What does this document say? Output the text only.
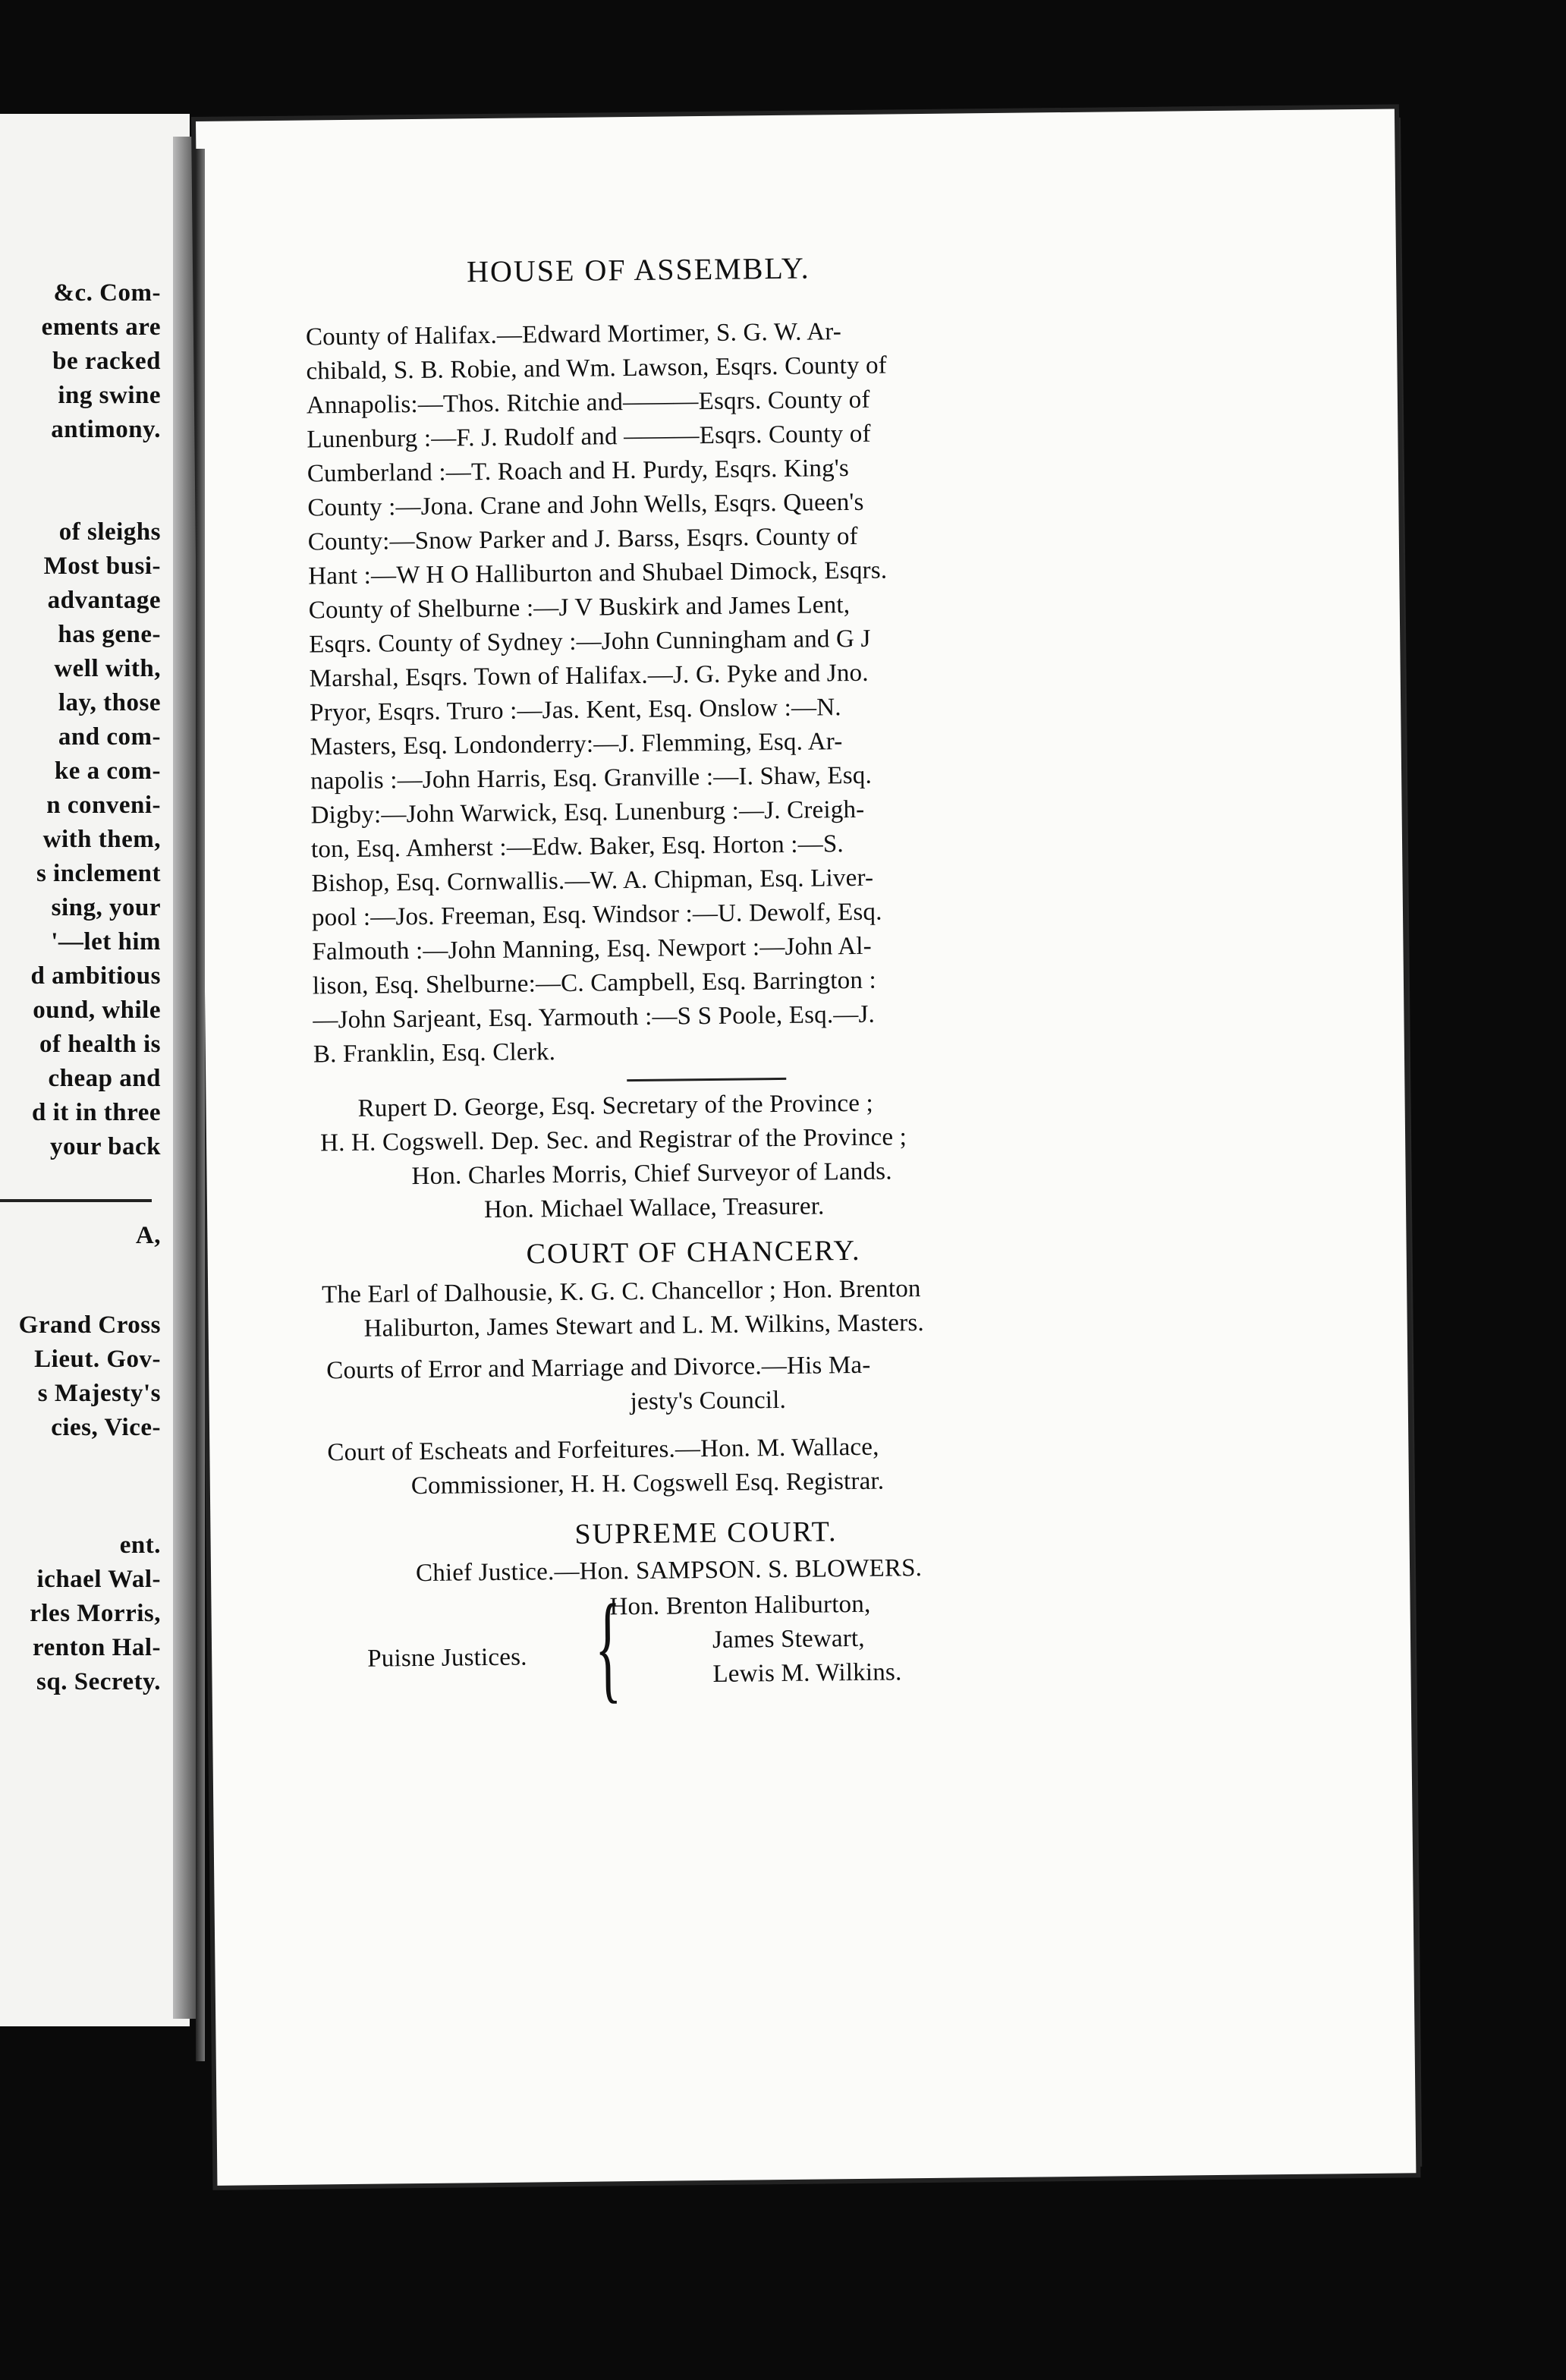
&c. Com-
ements are
be racked
ing swine
antimony.
of sleighs
Most busi-
advantage
has gene-
well with,
lay, those
and com-
ke a com-
n conveni-
with them,
s inclement
sing, your
'—let him
d ambitious
ound, while
of health is
cheap and
d it in three
your back
A,
Grand Cross
Lieut. Gov-
s Majesty's
cies, Vice-
ent.
ichael Wal-
rles Morris,
renton Hal-
sq. Secrety.
HOUSE OF ASSEMBLY.
County of Halifax.—Edward Mortimer, S. G. W. Ar-
chibald, S. B. Robie, and Wm. Lawson, Esqrs. County of
Annapolis:—Thos. Ritchie and———Esqrs. County of
Lunenburg :—F. J. Rudolf and ———Esqrs. County of
Cumberland :—T. Roach and H. Purdy, Esqrs. King's
County :—Jona. Crane and John Wells, Esqrs. Queen's
County:—Snow Parker and J. Barss, Esqrs. County of
Hant :—W H O Halliburton and Shubael Dimock, Esqrs.
County of Shelburne :—J V Buskirk and James Lent,
Esqrs. County of Sydney :—John Cunningham and G J
Marshal, Esqrs. Town of Halifax.—J. G. Pyke and Jno.
Pryor, Esqrs. Truro :—Jas. Kent, Esq. Onslow :—N.
Masters, Esq. Londonderry:—J. Flemming, Esq. Ar-
napolis :—John Harris, Esq. Granville :—I. Shaw, Esq.
Digby:—John Warwick, Esq. Lunenburg :—J. Creigh-
ton, Esq. Amherst :—Edw. Baker, Esq. Horton :—S.
Bishop, Esq. Cornwallis.—W. A. Chipman, Esq. Liver-
pool :—Jos. Freeman, Esq. Windsor :—U. Dewolf, Esq.
Falmouth :—John Manning, Esq. Newport :—John Al-
lison, Esq. Shelburne:—C. Campbell, Esq. Barrington :
—John Sarjeant, Esq. Yarmouth :—S S Poole, Esq.—J.
B. Franklin, Esq. Clerk.
Rupert D. George, Esq. Secretary of the Province ;
H. H. Cogswell. Dep. Sec. and Registrar of the Province ;
Hon. Charles Morris, Chief Surveyor of Lands.
Hon. Michael Wallace, Treasurer.
COURT OF CHANCERY.
The Earl of Dalhousie, K. G. C. Chancellor ; Hon. Brenton
Haliburton, James Stewart and L. M. Wilkins, Masters.
Courts of Error and Marriage and Divorce.—His Ma-
jesty's Council.
Court of Escheats and Forfeitures.—Hon. M. Wallace,
Commissioner, H. H. Cogswell Esq. Registrar.
SUPREME COURT.
Chief Justice.—Hon. SAMPSON. S. BLOWERS.
Puisne Justices. {
Hon. Brenton Haliburton,
James Stewart,
Lewis M. Wilkins.
